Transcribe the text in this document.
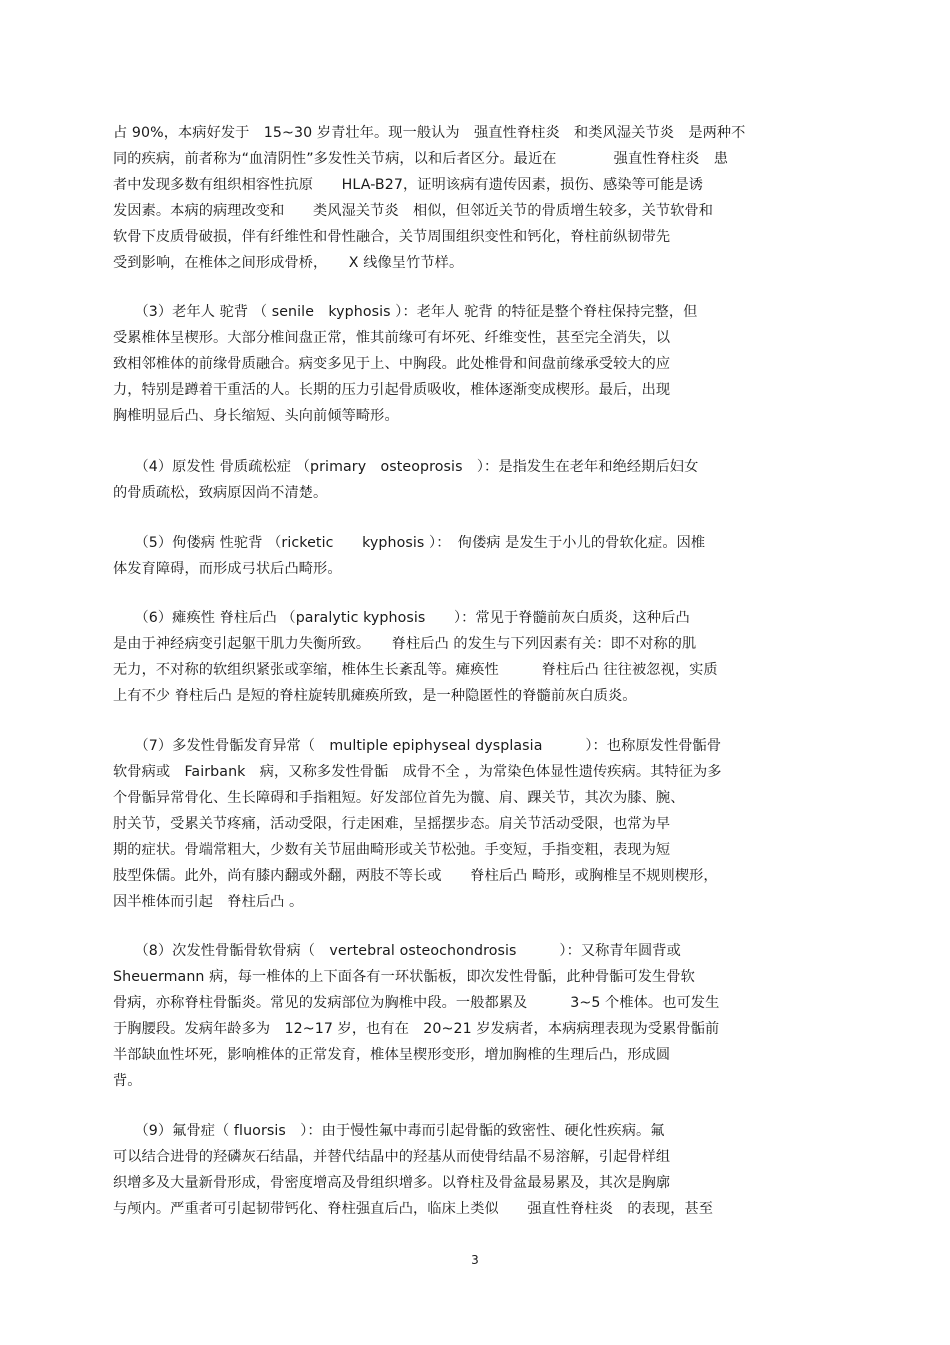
占 90%，本病好发于　15~30 岁青壮年。现一般认为　强直性脊柱炎　和类风湿关节炎　是两种不
同的疾病，前者称为“血清阴性”多发性关节病，以和后者区分。最近在　　　　强直性脊柱炎　患
者中发现多数有组织相容性抗原　　HLA-B27，证明该病有遗传因素，损伤、感染等可能是诱
发因素。本病的病理改变和　　类风湿关节炎　相似，但邻近关节的骨质增生较多，关节软骨和
软骨下皮质骨破损，伴有纤维性和骨性融合，关节周围组织变性和钙化，脊柱前纵韧带先
受到影响，在椎体之间形成骨桥，　　X 线像呈竹节样。
　　（3）老年人 驼背 （ senile　kyphosis ）：老年人 驼背 的特征是整个脊柱保持完整，但
受累椎体呈楔形。大部分椎间盘正常，惟其前缘可有坏死、纤维变性，甚至完全消失，以
致相邻椎体的前缘骨质融合。病变多见于上、中胸段。此处椎骨和间盘前缘承受较大的应
力，特别是蹲着干重活的人。长期的压力引起骨质吸收，椎体逐渐变成楔形。最后，出现
胸椎明显后凸、身长缩短、头向前倾等畸形。
　　（4）原发性 骨质疏松症 （primary　osteoprosis　）：是指发生在老年和绝经期后妇女
的骨质疏松，致病原因尚不清楚。
　　（5）佝偻病 性驼背 （ricketic　　kyphosis ）：　佝偻病 是发生于小儿的骨软化症。因椎
体发育障碍，而形成弓状后凸畸形。
　　（6）瘫痪性 脊柱后凸 （paralytic kyphosis　　）：常见于脊髓前灰白质炎，这种后凸
是由于神经病变引起躯干肌力失衡所致。　　脊柱后凸 的发生与下列因素有关：即不对称的肌
无力，不对称的软组织紧张或挛缩，椎体生长紊乱等。瘫痪性　　　脊柱后凸 往往被忽视，实质
上有不少 脊柱后凸 是短的脊柱旋转肌瘫痪所致，是一种隐匿性的脊髓前灰白质炎。
　　（7）多发性骨骺发育异常（　multiple epiphyseal dysplasia　　　）：也称原发性骨骺骨
软骨病或　Fairbank　病，又称多发性骨骺　成骨不全 ，为常染色体显性遗传疾病。其特征为多
个骨骺异常骨化、生长障碍和手指粗短。好发部位首先为髋、肩、踝关节，其次为膝、腕、
肘关节，受累关节疼痛，活动受限，行走困难，呈摇摆步态。肩关节活动受限，也常为早
期的症状。骨端常粗大，少数有关节屈曲畸形或关节松弛。手变短，手指变粗，表现为短
肢型侏儒。此外，尚有膝内翻或外翻，两肢不等长或　　脊柱后凸 畸形，或胸椎呈不规则楔形，
因半椎体而引起　脊柱后凸 。
　　（8）次发性骨骺骨软骨病（　vertebral osteochondrosis　　　）：又称青年圆背或
Sheuermann 病，每一椎体的上下面各有一环状骺板，即次发性骨骺，此种骨骺可发生骨软
骨病，亦称脊柱骨骺炎。常见的发病部位为胸椎中段。一般都累及　　　3~5 个椎体。也可发生
于胸腰段。发病年龄多为　12~17 岁，也有在　20~21 岁发病者，本病病理表现为受累骨骺前
半部缺血性坏死，影响椎体的正常发育，椎体呈楔形变形，增加胸椎的生理后凸，形成圆
背。
　　（9）氟骨症（ fluorsis　）：由于慢性氟中毒而引起骨骺的致密性、硬化性疾病。氟
可以结合进骨的羟磷灰石结晶，并替代结晶中的羟基从而使骨结晶不易溶解，引起骨样组
织增多及大量新骨形成，骨密度增高及骨组织增多。以脊柱及骨盆最易累及，其次是胸廓
与颅内。严重者可引起韧带钙化、脊柱强直后凸，临床上类似　　强直性脊柱炎　的表现，甚至
3
